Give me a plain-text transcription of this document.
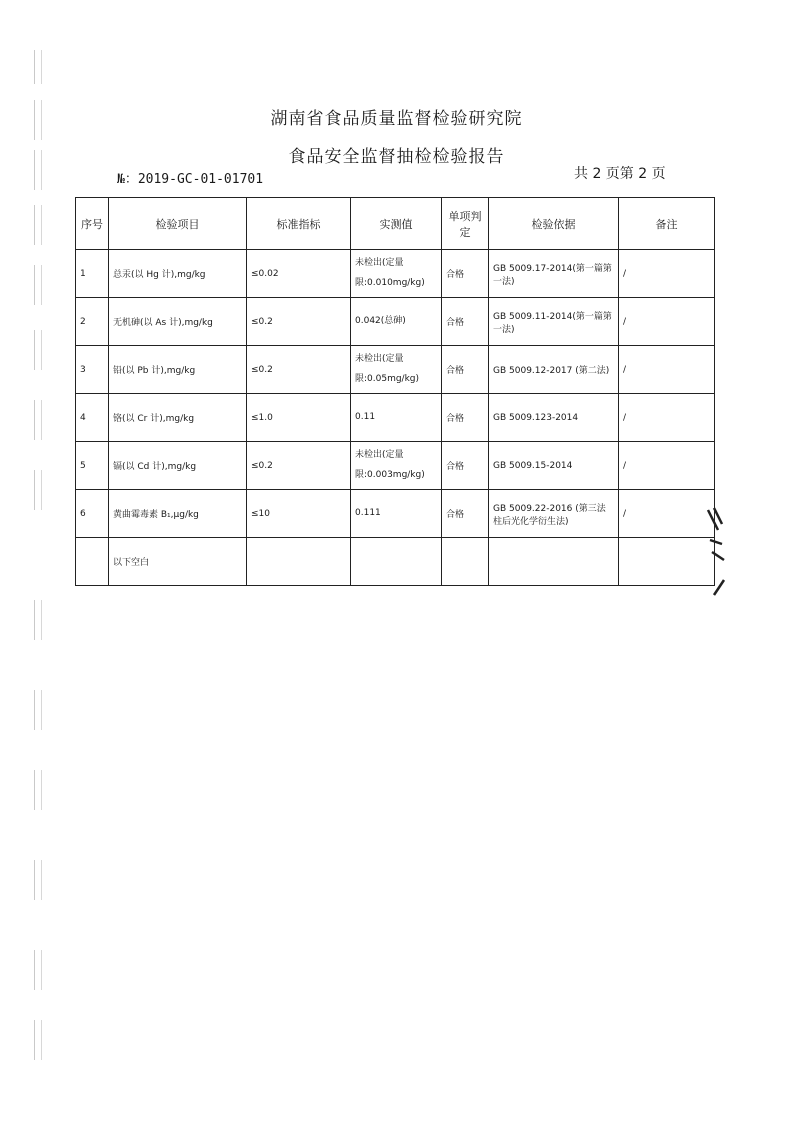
湖南省食品质量监督检验研究院
食品安全监督抽检检验报告
№：2019-GC-01-01701	共 2 页第 2 页
序号	检验项目	标准指标	实测值	单项判定	检验依据	备注
1	总汞(以 Hg 计),mg/kg	≤0.02	未检出(定量限:0.010mg/kg)	合格	GB 5009.17-2014(第一篇第一法)	/
2	无机砷(以 As 计),mg/kg	≤0.2	0.042(总砷)	合格	GB 5009.11-2014(第一篇第一法)	/
3	铅(以 Pb 计),mg/kg	≤0.2	未检出(定量限:0.05mg/kg)	合格	GB 5009.12-2017 (第二法)	/
4	铬(以 Cr 计),mg/kg	≤1.0	0.11	合格	GB 5009.123-2014	/
5	镉(以 Cd 计),mg/kg	≤0.2	未检出(定量限:0.003mg/kg)	合格	GB 5009.15-2014	/
6	黄曲霉毒素 B₁,μg/kg	≤10	0.111	合格	GB 5009.22-2016 (第三法 柱后光化学衍生法)	/
	以下空白					
